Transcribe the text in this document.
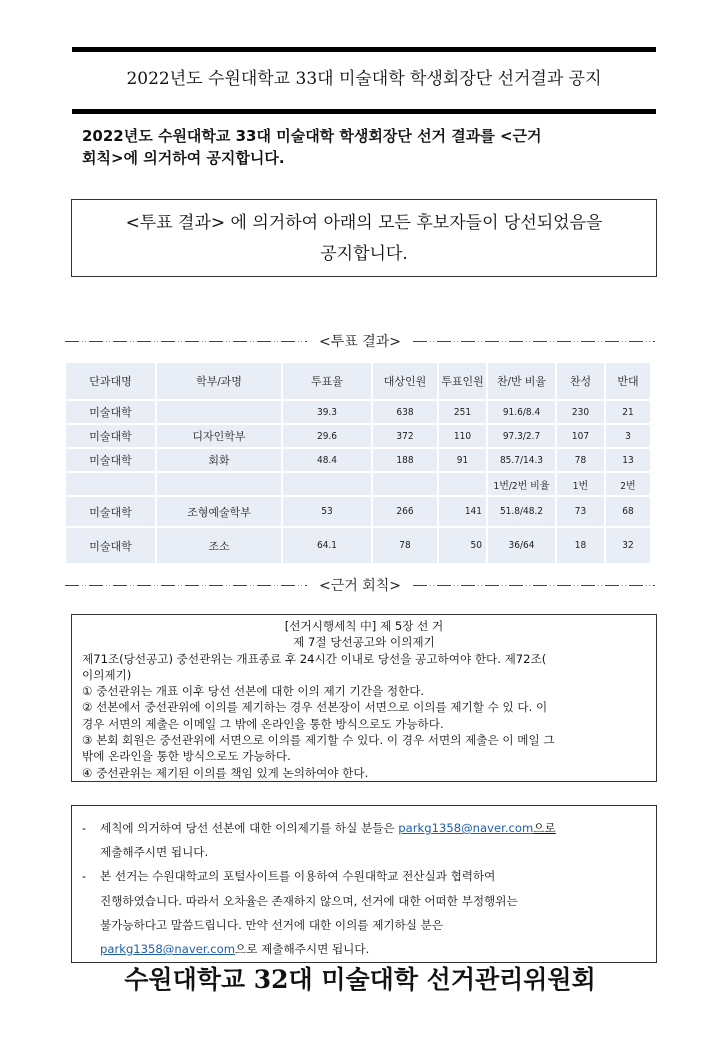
2022년도 수원대학교 33대 미술대학 학생회장단 선거결과 공지
2022년도 수원대학교 33대 미술대학 학생회장단 선거 결과를 <근거
회칙>에 의거하여 공지합니다.
<투표 결과> 에 의거하여 아래의 모든 후보자들이 당선되었음을
공지합니다.
<투표 결과>
단과대명	학부/과명	투표율	대상인원	투표인원	찬/반 비율	찬성	반대
미술대학		39.3	638	251	91.6/8.4	230	21
미술대학	디자인학부	29.6	372	110	97.3/2.7	107	3
미술대학	회화	48.4	188	91	85.7/14.3	78	13
					1번/2번 비율	1번	2번
미술대학	조형예술학부	53	266	141	51.8/48.2	73	68
미술대학	조소	64.1	78	50	36/64	18	32
<근거 회칙>
[선거시행세칙 中] 제 5장 선 거
제 7절 당선공고와 이의제기
제71조(당선공고) 중선관위는 개표종료 후 24시간 이내로 당선을 공고하여야 한다. 제72조(
이의제기)
① 중선관위는 개표 이후 당선 선본에 대한 이의 제기 기간을 정한다.
② 선본에서 중선관위에 이의를 제기하는 경우 선본장이 서면으로 이의를 제기할 수 있 다. 이
경우 서면의 제출은 이메일 그 밖에 온라인을 통한 방식으로도 가능하다.
③ 본회 회원은 중선관위에 서면으로 이의를 제기할 수 있다. 이 경우 서면의 제출은 이 메일 그
밖에 온라인을 통한 방식으로도 가능하다.
④ 중선관위는 제기된 이의를 책임 있게 논의하여야 한다.
-	세칙에 의거하여 당선 선본에 대한 이의제기를 하실 분들은 parkg1358@naver.com으로
제출해주시면 됩니다.
-	본 선거는 수원대학교의 포털사이트를 이용하여 수원대학교 전산실과 협력하여
진행하였습니다. 따라서 오차율은 존재하지 않으며, 선거에 대한 어떠한 부정행위는
불가능하다고 말씀드립니다. 만약 선거에 대한 이의를 제기하실 분은
parkg1358@naver.com으로 제출해주시면 됩니다.
수원대학교 32대 미술대학 선거관리위원회
